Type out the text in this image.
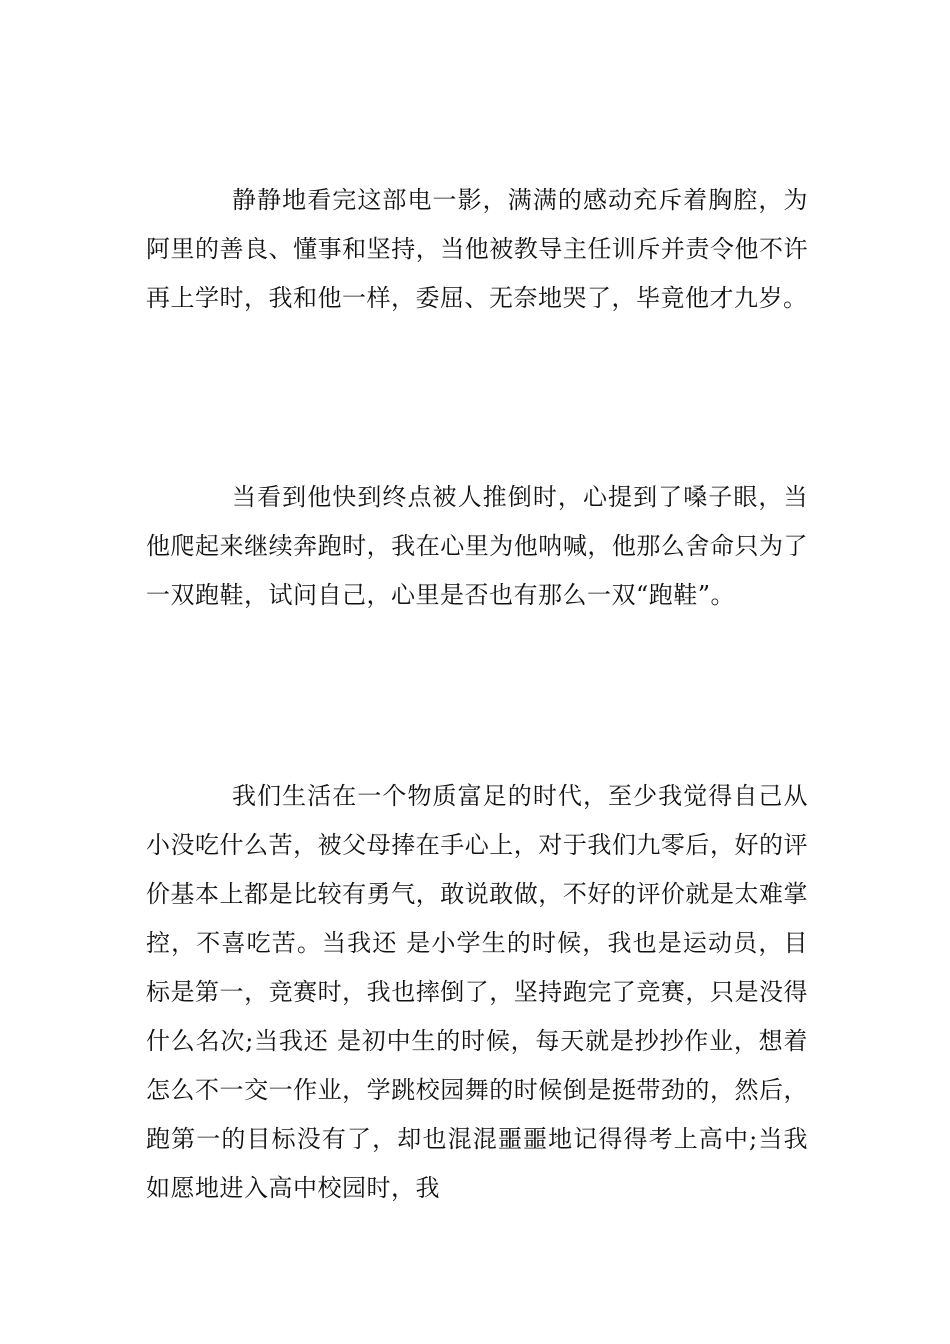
静静地看完这部电一影，满满的感动充斥着胸腔，为阿里的善良、懂事和坚持，当他被教导主任训斥并责令他不许再上学时，我和他一样，委屈、无奈地哭了，毕竟他才九岁。

当看到他快到终点被人推倒时，心提到了嗓子眼，当他爬起来继续奔跑时，我在心里为他呐喊，他那么舍命只为了一双跑鞋，试问自己，心里是否也有那么一双“跑鞋”。

我们生活在一个物质富足的时代，至少我觉得自己从小没吃什么苦，被父母捧在手心上，对于我们九零后，好的评价基本上都是比较有勇气，敢说敢做，不好的评价就是太难掌控，不喜吃苦。当我还 是小学生的时候，我也是运动员，目标是第一，竞赛时，我也摔倒了，坚持跑完了竞赛，只是没得什么名次;当我还 是初中生的时候，每天就是抄抄作业，想着怎么不一交一作业，学跳校园舞的时候倒是挺带劲的，然后，跑第一的目标没有了，却也混混噩噩地记得得考上高中;当我如愿地进入高中校园时，我
